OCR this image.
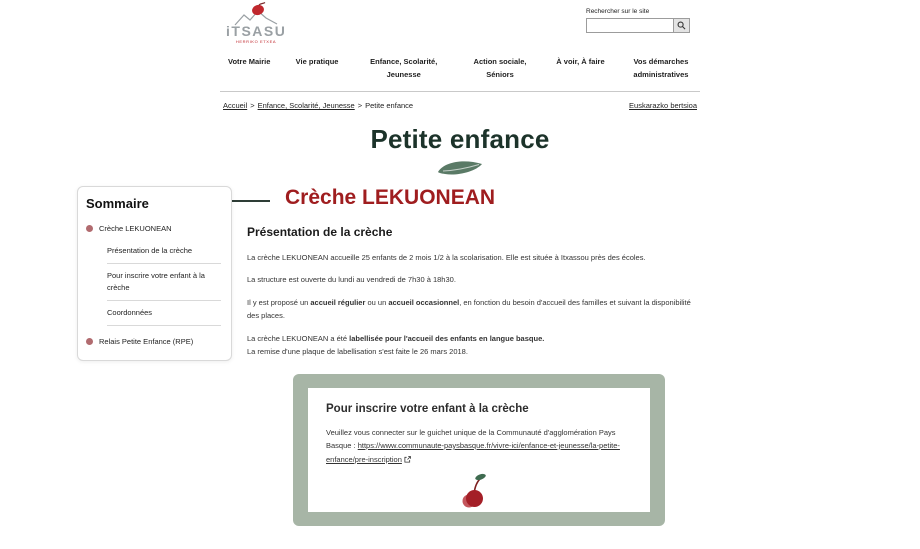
iTSASU
HERRIKO ETXEA
Rechercher sur le site
Votre Mairie	Vie pratique	Enfance, Scolarité, Jeunesse
Action sociale, Séniors
À voir, À faire	Vos démarches administratives
Accueil > Enfance, Scolarité, Jeunesse > Petite enfance	Euskarazko bertsioa
Petite enfance
Sommaire
Crèche LEKUONEAN
Présentation de la crèche
Pour inscrire votre enfant à la crèche
Coordonnées
Relais Petite Enfance (RPE)
Crèche LEKUONEAN
Présentation de la crèche

La crèche LEKUONEAN accueille 25 enfants de 2 mois 1/2 à la scolarisation. Elle est située à Itxassou près des écoles.

La structure est ouverte du lundi au vendredi de 7h30 à 18h30.

Il y est proposé un accueil régulier ou un accueil occasionnel, en fonction du besoin d'accueil des familles et suivant la disponibilité des places.

La crèche LEKUONEAN a été labellisée pour l'accueil des enfants en langue basque.
La remise d'une plaque de labellisation s'est faite le 26 mars 2018.

Pour inscrire votre enfant à la crèche

Veuillez vous connecter sur le guichet unique de la Communauté d'agglomération Pays Basque : https://www.communaute-paysbasque.fr/vivre-ici/enfance-et-jeunesse/la-petite-enfance/pre-inscription
